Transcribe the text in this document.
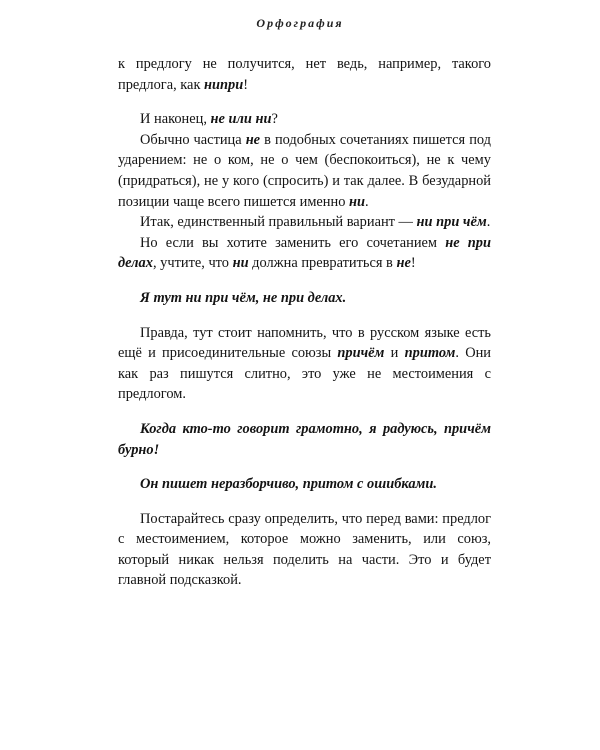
Орфография

к предлогу не получится, нет ведь, например, такого предлога, как нипри!

И наконец, не или ни?

Обычно частица не в подобных сочетаниях пишется под ударением: не о ком, не о чем (беспокоиться), не к чему (придраться), не у кого (спросить) и так далее. В безударной позиции чаще всего пишется именно ни.

Итак, единственный правильный вариант — ни при чём.

Но если вы хотите заменить его сочетанием не при делах, учтите, что ни должна превратиться в не!

Я тут ни при чём, не при делах.

Правда, тут стоит напомнить, что в русском языке есть ещё и присоединительные союзы причём и притом. Они как раз пишутся слитно, это уже не местоимения с предлогом.

Когда кто-то говорит грамотно, я радуюсь, причём бурно!

Он пишет неразборчиво, притом с ошибками.

Постарайтесь сразу определить, что перед вами: предлог с местоимением, которое можно заменить, или союз, который никак нельзя поделить на части. Это и будет главной подсказкой.
